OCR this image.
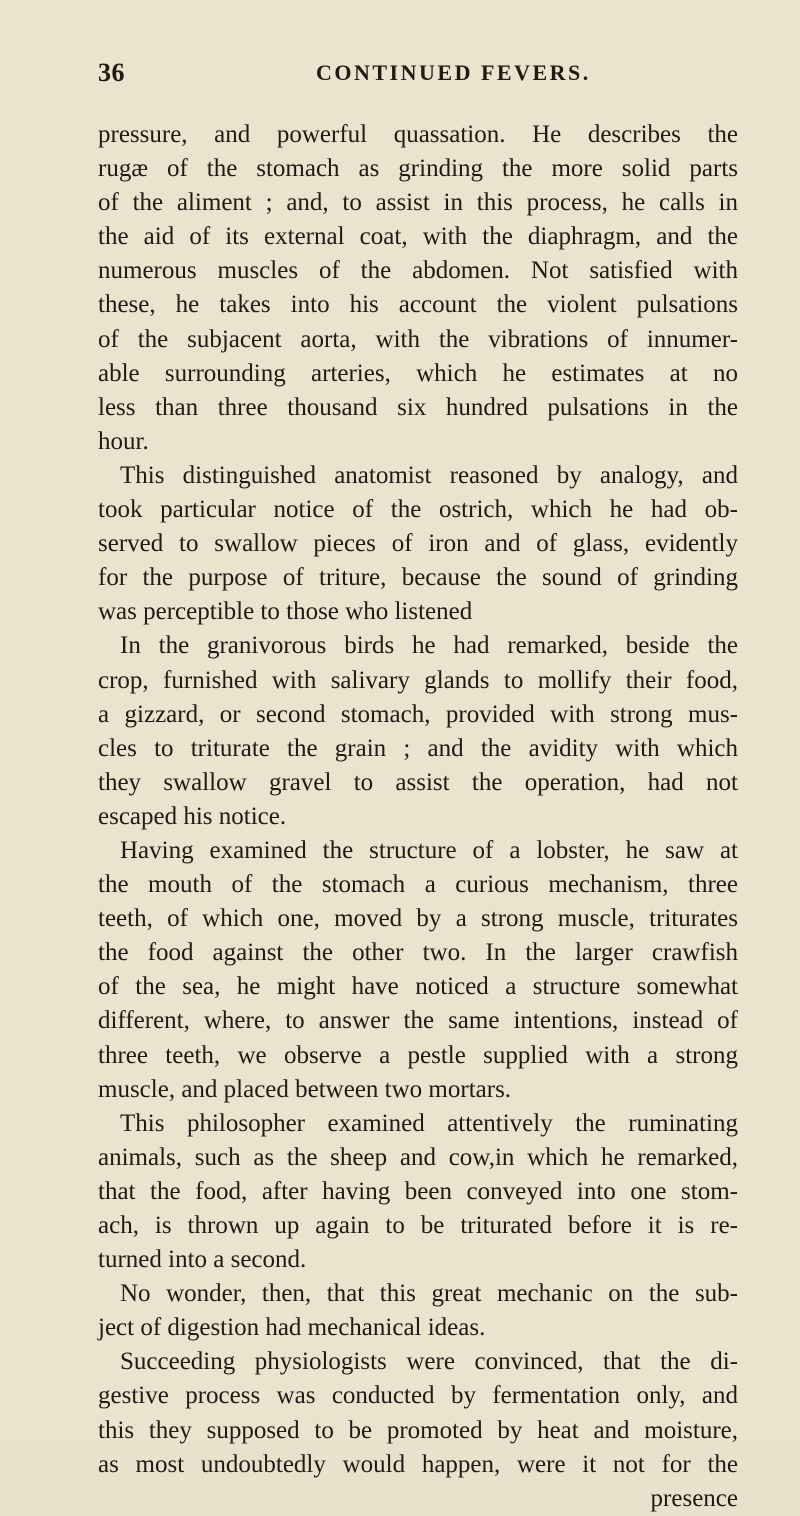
36	CONTINUED FEVERS.
pressure, and powerful quassation. He describes the
rugæ of the stomach as grinding the more solid parts
of the aliment ; and, to assist in this process, he calls in
the aid of its external coat, with the diaphragm, and the
numerous muscles of the abdomen. Not satisfied with
these, he takes into his account the violent pulsations
of the subjacent aorta, with the vibrations of innumer-
able surrounding arteries, which he estimates at no
less than three thousand six hundred pulsations in the
hour.
This distinguished anatomist reasoned by analogy, and
took particular notice of the ostrich, which he had ob-
served to swallow pieces of iron and of glass, evidently
for the purpose of triture, because the sound of grinding
was perceptible to those who listened
In the granivorous birds he had remarked, beside the
crop, furnished with salivary glands to mollify their food,
a gizzard, or second stomach, provided with strong mus-
cles to triturate the grain ; and the avidity with which
they swallow gravel to assist the operation, had not
escaped his notice.
Having examined the structure of a lobster, he saw at
the mouth of the stomach a curious mechanism, three
teeth, of which one, moved by a strong muscle, triturates
the food against the other two. In the larger crawfish
of the sea, he might have noticed a structure somewhat
different, where, to answer the same intentions, instead of
three teeth, we observe a pestle supplied with a strong
muscle, and placed between two mortars.
This philosopher examined attentively the ruminating
animals, such as the sheep and cow,in which he remarked,
that the food, after having been conveyed into one stom-
ach, is thrown up again to be triturated before it is re-
turned into a second.
No wonder, then, that this great mechanic on the sub-
ject of digestion had mechanical ideas.
Succeeding physiologists were convinced, that the di-
gestive process was conducted by fermentation only, and
this they supposed to be promoted by heat and moisture,
as most undoubtedly would happen, were it not for the
presence
